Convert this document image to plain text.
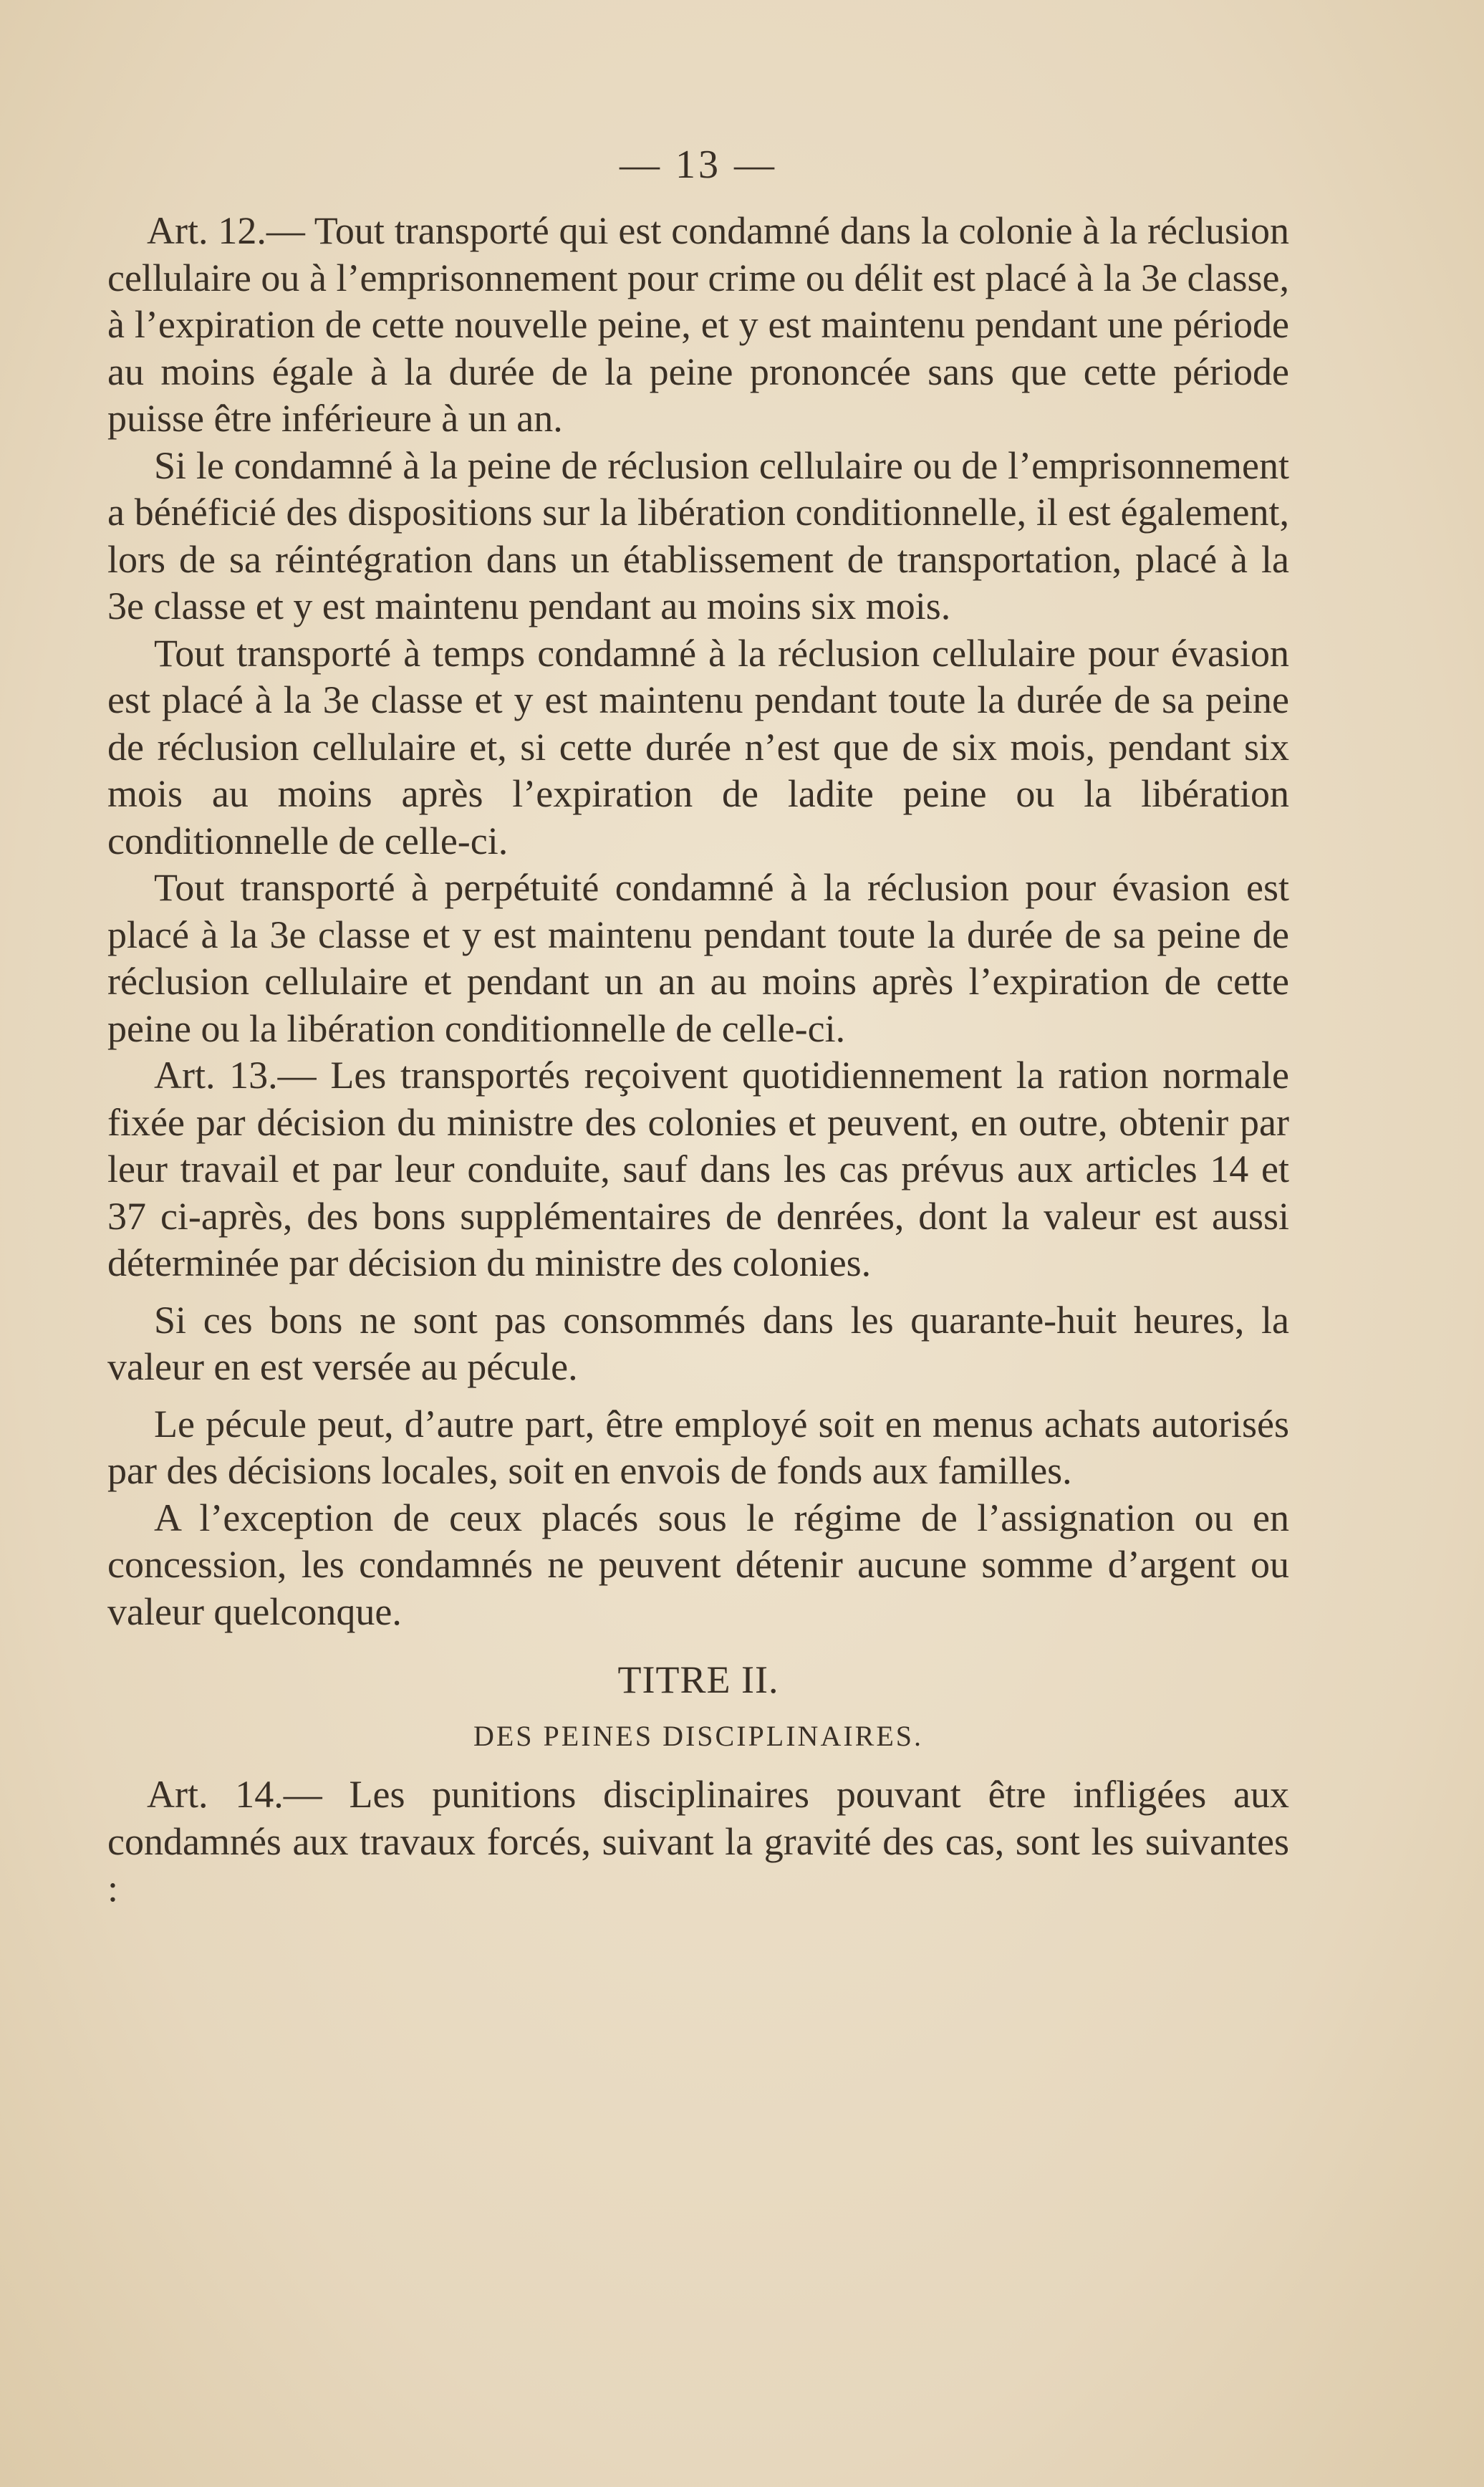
— 13 —

Art. 12.— Tout transporté qui est condamné dans la colonie à la réclusion cellulaire ou à l’emprisonnement pour crime ou délit est placé à la 3e classe, à l’expiration de cette nouvelle peine, et y est maintenu pendant une période au moins égale à la durée de la peine prononcée sans que cette période puisse être inférieure à un an.

Si le condamné à la peine de réclusion cellulaire ou de l’emprisonnement a bénéficié des dispositions sur la libération conditionnelle, il est également, lors de sa réintégration dans un établissement de transportation, placé à la 3e classe et y est maintenu pendant au moins six mois.

Tout transporté à temps condamné à la réclusion cellulaire pour évasion est placé à la 3e classe et y est maintenu pendant toute la durée de sa peine de réclusion cellulaire et, si cette durée n’est que de six mois, pendant six mois au moins après l’expiration de ladite peine ou la libération conditionnelle de celle-ci.

Tout transporté à perpétuité condamné à la réclusion pour évasion est placé à la 3e classe et y est maintenu pendant toute la durée de sa peine de réclusion cellulaire et pendant un an au moins après l’expiration de cette peine ou la libération conditionnelle de celle-ci.

Art. 13.— Les transportés reçoivent quotidiennement la ration normale fixée par décision du ministre des colonies et peuvent, en outre, obtenir par leur travail et par leur conduite, sauf dans les cas prévus aux articles 14 et 37 ci-après, des bons supplémentaires de denrées, dont la valeur est aussi déterminée par décision du ministre des colonies.

Si ces bons ne sont pas consommés dans les quarante-huit heures, la valeur en est versée au pécule.

Le pécule peut, d’autre part, être employé soit en menus achats autorisés par des décisions locales, soit en envois de fonds aux familles.

A l’exception de ceux placés sous le régime de l’assignation ou en concession, les condamnés ne peuvent détenir aucune somme d’argent ou valeur quelconque.

TITRE II.
DES PEINES DISCIPLINAIRES.

Art. 14.— Les punitions disciplinaires pouvant être infligées aux condamnés aux travaux forcés, suivant la gravité des cas, sont les suivantes :
